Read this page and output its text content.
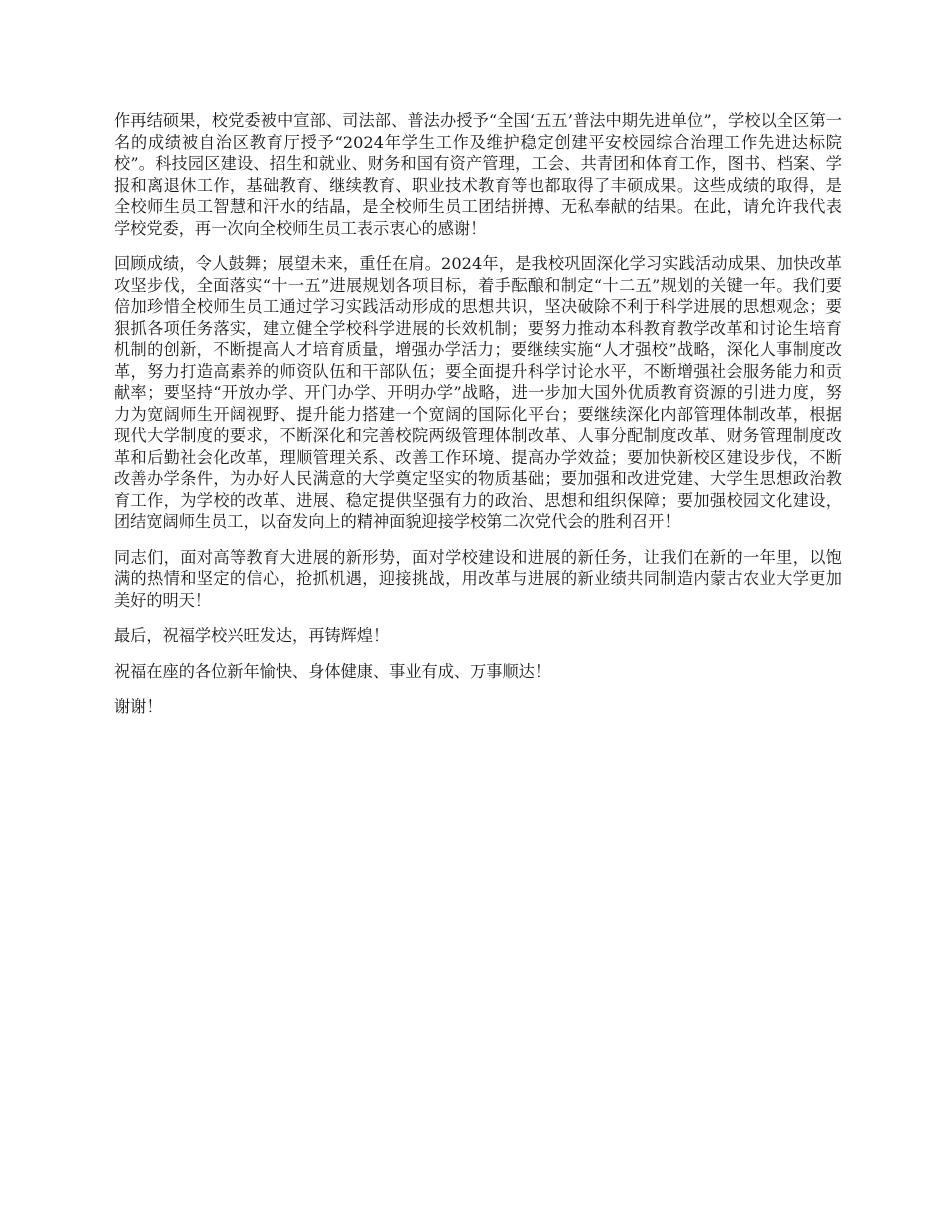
作再结硕果，校党委被中宣部、司法部、普法办授予“全国‘五五’普法中期先进单位”，学校以全区第一名的成绩被自治区教育厅授予“2024年学生工作及维护稳定创建平安校园综合治理工作先进达标院校”。科技园区建设、招生和就业、财务和国有资产管理，工会、共青团和体育工作，图书、档案、学报和离退休工作，基础教育、继续教育、职业技术教育等也都取得了丰硕成果。这些成绩的取得，是全校师生员工智慧和汗水的结晶，是全校师生员工团结拼搏、无私奉献的结果。在此，请允许我代表学校党委，再一次向全校师生员工表示衷心的感谢！

回顾成绩，令人鼓舞；展望未来，重任在肩。2024年，是我校巩固深化学习实践活动成果、加快改革攻坚步伐，全面落实“十一五”进展规划各项目标，着手酝酿和制定“十二五”规划的关键一年。我们要倍加珍惜全校师生员工通过学习实践活动形成的思想共识，坚决破除不利于科学进展的思想观念；要狠抓各项任务落实，建立健全学校科学进展的长效机制；要努力推动本科教育教学改革和讨论生培育机制的创新，不断提高人才培育质量，增强办学活力；要继续实施“人才强校”战略，深化人事制度改革，努力打造高素养的师资队伍和干部队伍；要全面提升科学讨论水平，不断增强社会服务能力和贡献率；要坚持“开放办学、开门办学、开明办学”战略，进一步加大国外优质教育资源的引进力度，努力为宽阔师生开阔视野、提升能力搭建一个宽阔的国际化平台；要继续深化内部管理体制改革，根据现代大学制度的要求，不断深化和完善校院两级管理体制改革、人事分配制度改革、财务管理制度改革和后勤社会化改革，理顺管理关系、改善工作环境、提高办学效益；要加快新校区建设步伐，不断改善办学条件，为办好人民满意的大学奠定坚实的物质基础；要加强和改进党建、大学生思想政治教育工作，为学校的改革、进展、稳定提供坚强有力的政治、思想和组织保障；要加强校园文化建设，团结宽阔师生员工，以奋发向上的精神面貌迎接学校第二次党代会的胜利召开！

同志们，面对高等教育大进展的新形势，面对学校建设和进展的新任务，让我们在新的一年里，以饱满的热情和坚定的信心，抢抓机遇，迎接挑战，用改革与进展的新业绩共同制造内蒙古农业大学更加美好的明天！

最后，祝福学校兴旺发达，再铸辉煌！

祝福在座的各位新年愉快、身体健康、事业有成、万事顺达！

谢谢！
